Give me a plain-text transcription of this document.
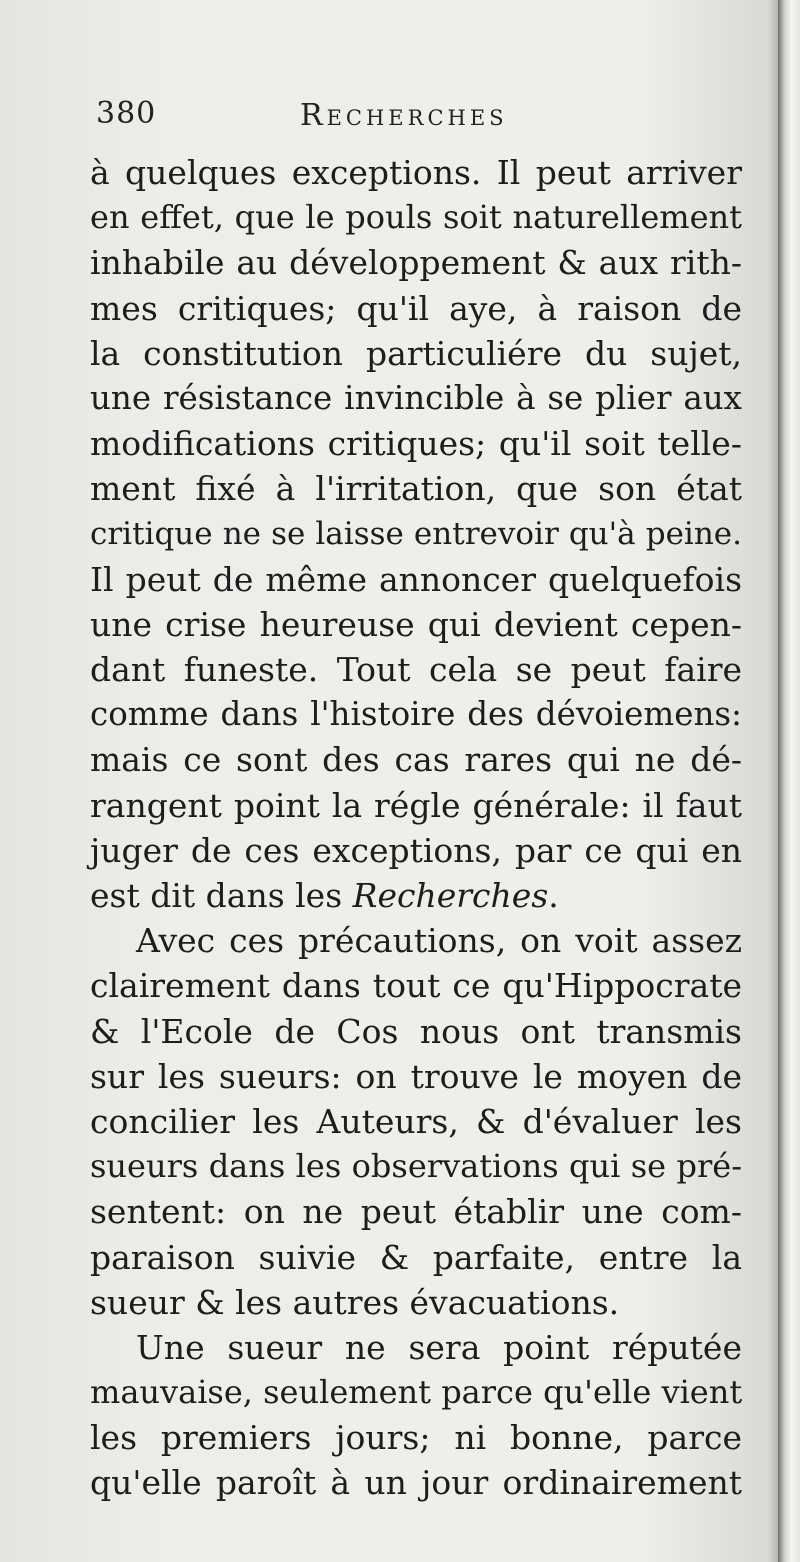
380	Recherches
à quelques exceptions. Il peut arriver
en effet, que le pouls soit naturellement
inhabile au développement & aux rith-
mes critiques; qu'il aye, à raison de
la constitution particuliére du sujet,
une résistance invincible à se plier aux
modifications critiques; qu'il soit telle-
ment fixé à l'irritation, que son état
critique ne se laisse entrevoir qu'à peine.
Il peut de même annoncer quelquefois
une crise heureuse qui devient cepen-
dant funeste. Tout cela se peut faire
comme dans l'histoire des dévoiemens:
mais ce sont des cas rares qui ne dé-
rangent point la régle générale: il faut
juger de ces exceptions, par ce qui en
est dit dans les Recherches.
Avec ces précautions, on voit assez
clairement dans tout ce qu'Hippocrate
& l'Ecole de Cos nous ont transmis
sur les sueurs: on trouve le moyen de
concilier les Auteurs, & d'évaluer les
sueurs dans les observations qui se pré-
sentent: on ne peut établir une com-
paraison suivie & parfaite, entre la
sueur & les autres évacuations.
Une sueur ne sera point réputée
mauvaise, seulement parce qu'elle vient
les premiers jours; ni bonne, parce
qu'elle paroît à un jour ordinairement
